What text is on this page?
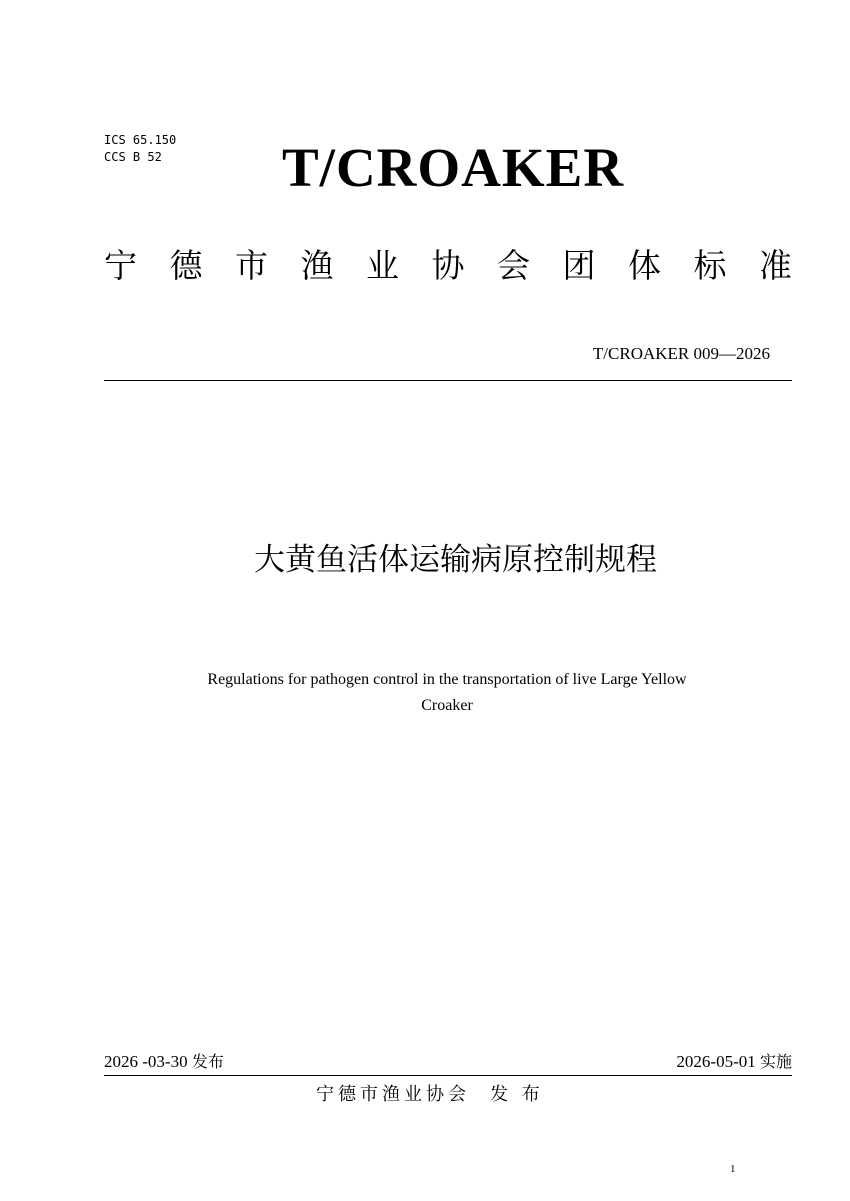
ICS 65.150
CCS B 52 T/CROAKER
宁 德 市 渔 业 协 会 团 体 标 准
T/CROAKER 009—2026
大黄鱼活体运输病原控制规程
Regulations for pathogen control in the transportation of live Large Yellow
Croaker
2026 -03-30 发布	2026-05-01 实施
宁德市渔业协会 发 布
1
